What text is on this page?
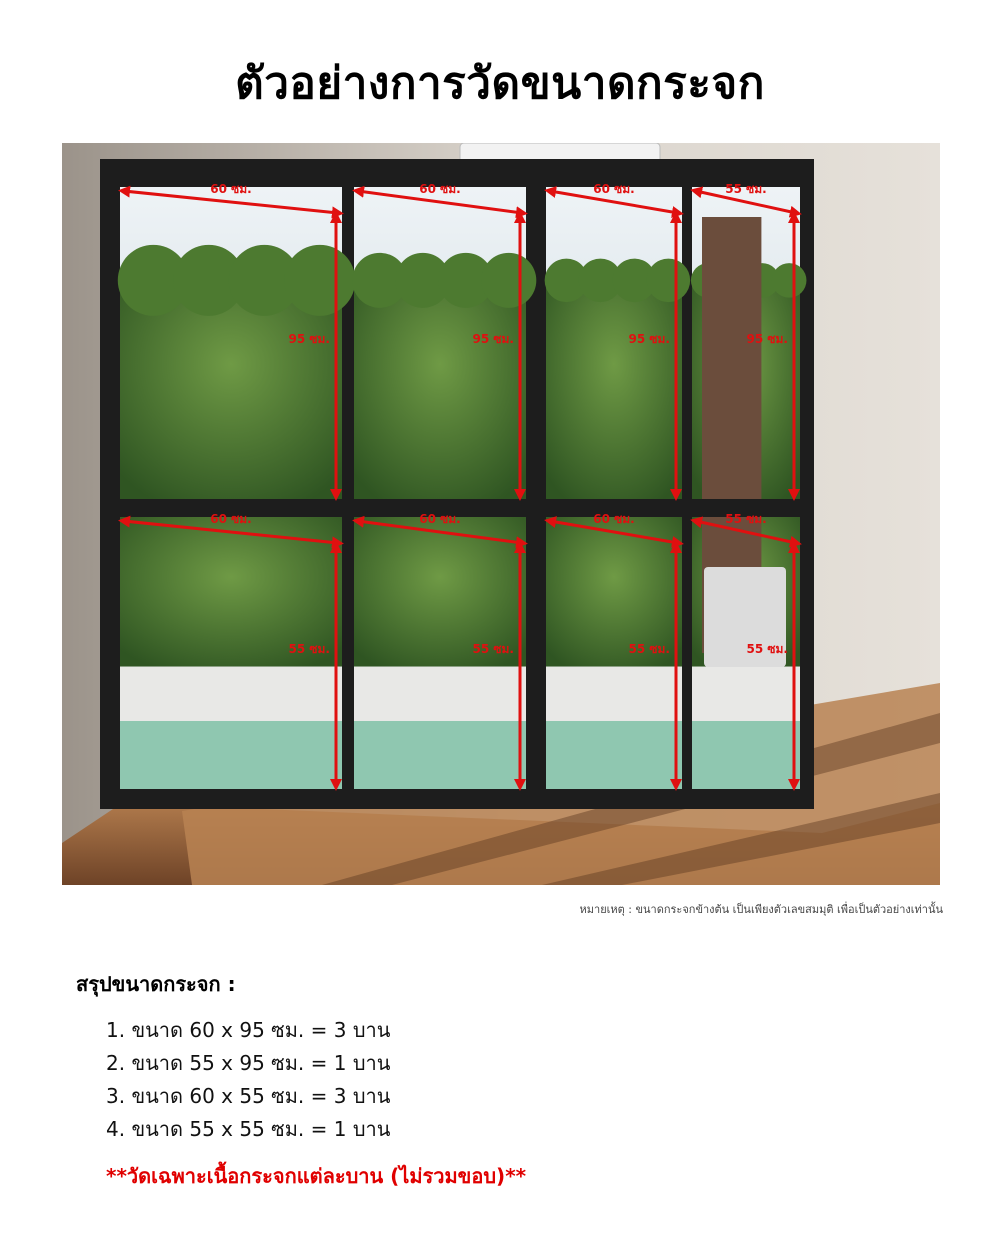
ตัวอย่างการวัดขนาดกระจก
60 ซม.
95 ซม.
60 ซม.
95 ซม.
60 ซม.
95 ซม.
55 ซม.
95 ซม.
60 ซม.
55 ซม.
60 ซม.
55 ซม.
60 ซม.
55 ซม.
55 ซม.
55 ซม.
หมายเหตุ : ขนาดกระจกข้างต้น เป็นเพียงตัวเลขสมมุติ เพื่อเป็นตัวอย่างเท่านั้น
สรุปขนาดกระจก :
1. ขนาด 60 x 95 ซม. = 3 บาน
2. ขนาด 55 x 95 ซม. = 1 บาน
3. ขนาด 60 x 55 ซม. = 3 บาน
4. ขนาด 55 x 55 ซม. = 1 บาน
**วัดเฉพาะเนื้อกระจกแต่ละบาน (ไม่รวมขอบ)**
